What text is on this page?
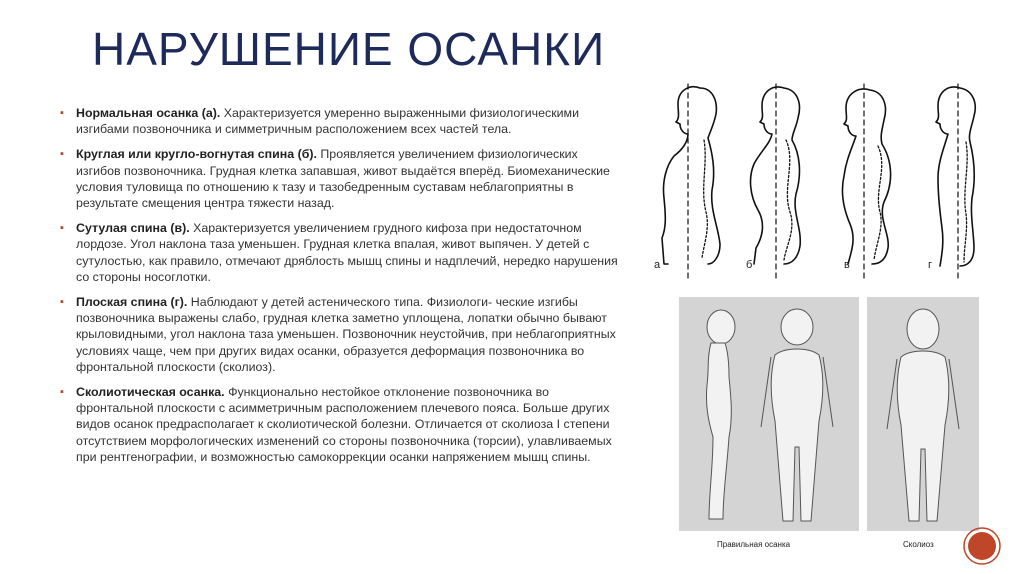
НАРУШЕНИЕ ОСАНКИ
▪ Нормальная осанка (а). Характеризуется умеренно выраженными физиологическими изгибами позвоночника и симметричным расположением всех частей тела.
▪ Круглая или кругло-вогнутая спина (б). Проявляется увеличением физиологических изгибов позвоночника. Грудная клетка запавшая, живот выдаётся вперёд. Биомеханические условия туловища по отношению к тазу и тазобедренным суставам неблагоприятны в результате смещения центра тяжести назад.
▪ Сутулая спина (в). Характеризуется увеличением грудного кифоза при недостаточном лордозе. Угол наклона таза уменьшен. Грудная клетка впалая, живот выпячен. У детей с сутулостью, как правило, отмечают дряблость мышц спины и надплечий, нередко нарушения со стороны носоглотки.
▪ Плоская спина (г). Наблюдают у детей астенического типа. Физиологи- ческие изгибы позвоночника выражены слабо, грудная клетка заметно уплощена, лопатки обычно бывают крыловидными, угол наклона таза уменьшен. Позвоночник неустойчив, при неблагоприятных условиях чаще, чем при других видах осанки, образуется деформация позвоночника во фронтальной плоскости (сколиоз).
▪ Сколиотическая осанка. Функционально нестойкое отклонение позвоночника во фронтальной плоскости с асимметричным расположением плечевого пояса. Больше других видов осанок предрасполагает к сколиотической болезни. Отличается от сколиоза I степени отсутствием морфологических изменений со стороны позвоночника (торсии), улавливаемых при рентгенографии, и возможностью самокоррекции осанки напряжением мышц спины.
а	б	в	г
Правильная осанка	Сколиоз
